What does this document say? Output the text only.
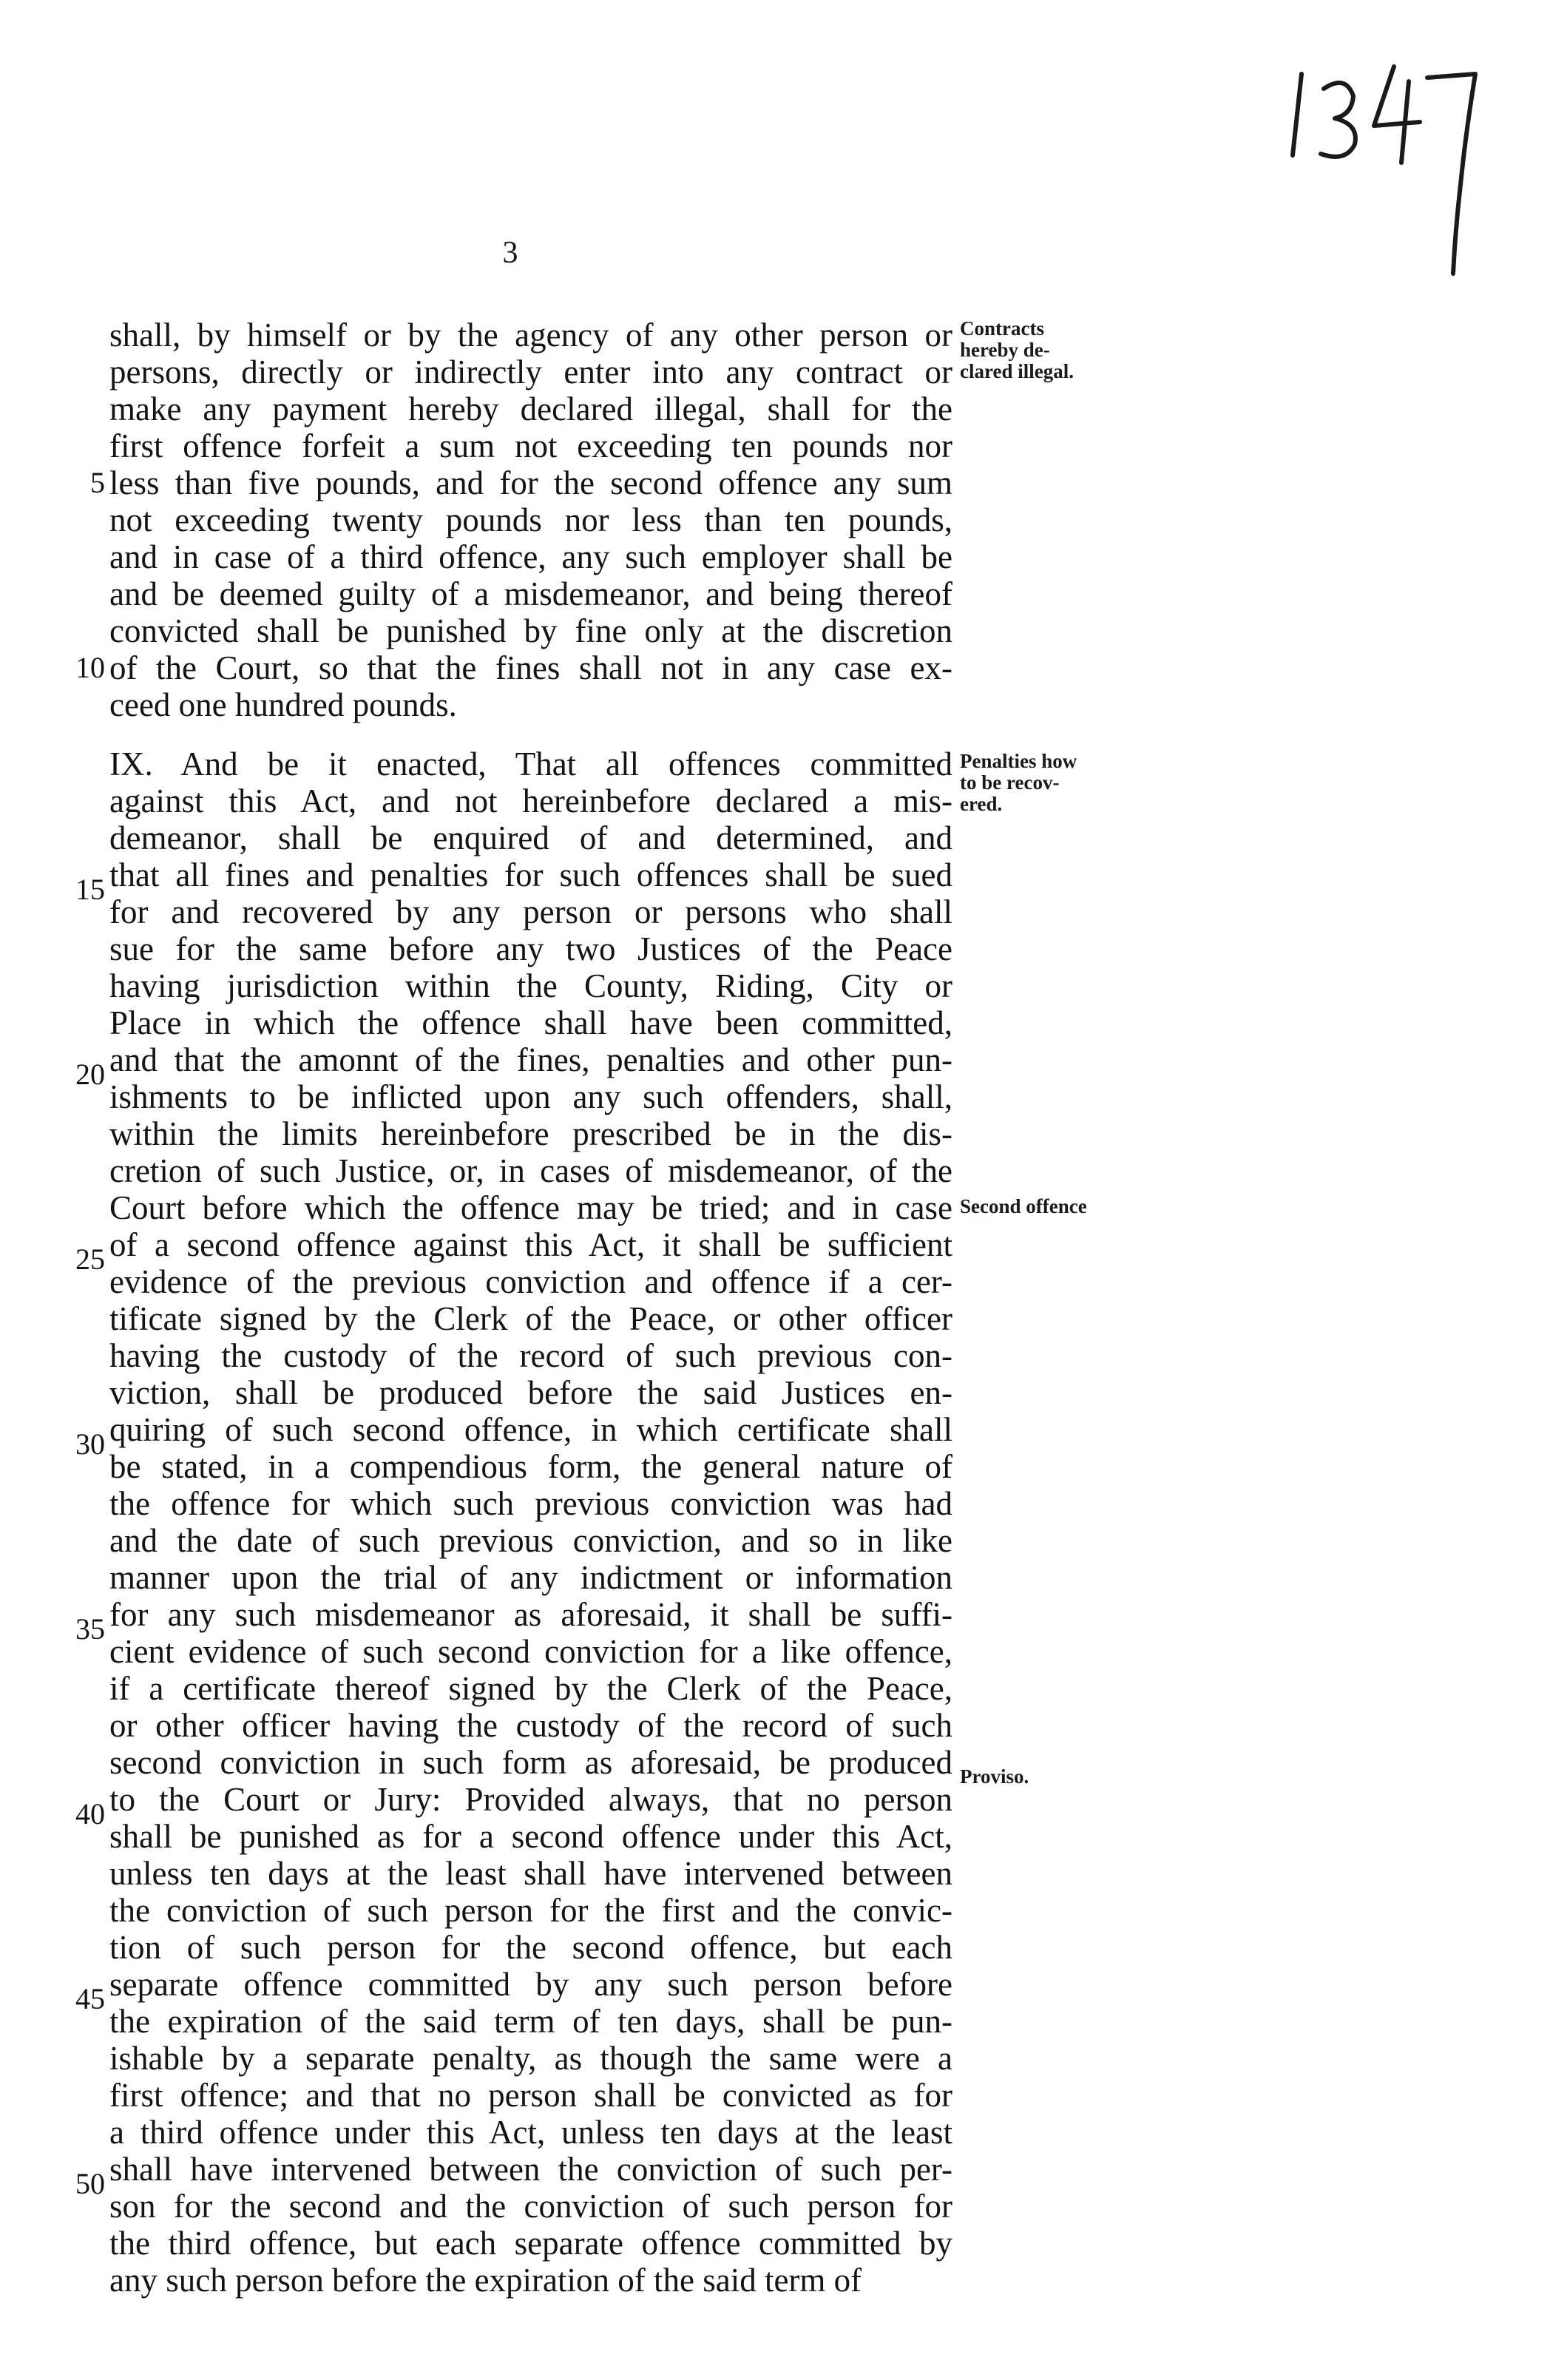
3
shall, by himself or by the agency of any other person or
persons, directly or indirectly enter into any contract or
make any payment hereby declared illegal, shall for the
first offence forfeit a sum not exceeding ten pounds nor
less than five pounds, and for the second offence any sum
not exceeding twenty pounds nor less than ten pounds,
and in case of a third offence, any such employer shall be
and be deemed guilty of a misdemeanor, and being thereof
convicted shall be punished by fine only at the discretion
of the Court, so that the fines shall not in any case ex-
ceed one hundred pounds.
IX. And be it enacted, That all offences committed
against this Act, and not hereinbefore declared a mis-
demeanor, shall be enquired of and determined, and
that all fines and penalties for such offences shall be sued
for and recovered by any person or persons who shall
sue for the same before any two Justices of the Peace
having jurisdiction within the County, Riding, City or
Place in which the offence shall have been committed,
and that the amonnt of the fines, penalties and other pun-
ishments to be inflicted upon any such offenders, shall,
within the limits hereinbefore prescribed be in the dis-
cretion of such Justice, or, in cases of misdemeanor, of the
Court before which the offence may be tried; and in case
of a second offence against this Act, it shall be sufficient
evidence of the previous conviction and offence if a cer-
tificate signed by the Clerk of the Peace, or other officer
having the custody of the record of such previous con-
viction, shall be produced before the said Justices en-
quiring of such second offence, in which certificate shall
be stated, in a compendious form, the general nature of
the offence for which such previous conviction was had
and the date of such previous conviction, and so in like
manner upon the trial of any indictment or information
for any such misdemeanor as aforesaid, it shall be suffi-
cient evidence of such second conviction for a like offence,
if a certificate thereof signed by the Clerk of the Peace,
or other officer having the custody of the record of such
second conviction in such form as aforesaid, be produced
to the Court or Jury: Provided always, that no person
shall be punished as for a second offence under this Act,
unless ten days at the least shall have intervened between
the conviction of such person for the first and the convic-
tion of such person for the second offence, but each
separate offence committed by any such person before
the expiration of the said term of ten days, shall be pun-
ishable by a separate penalty, as though the same were a
first offence; and that no person shall be convicted as for
a third offence under this Act, unless ten days at the least
shall have intervened between the conviction of such per-
son for the second and the conviction of such person for
the third offence, but each separate offence committed by
any such person before the expiration of the said term of
5
10
15
20
25
30
35
40
45
50
Contracts
hereby de-
clared illegal.
Penalties how
to be recov-
ered.
Second offence
Proviso.
